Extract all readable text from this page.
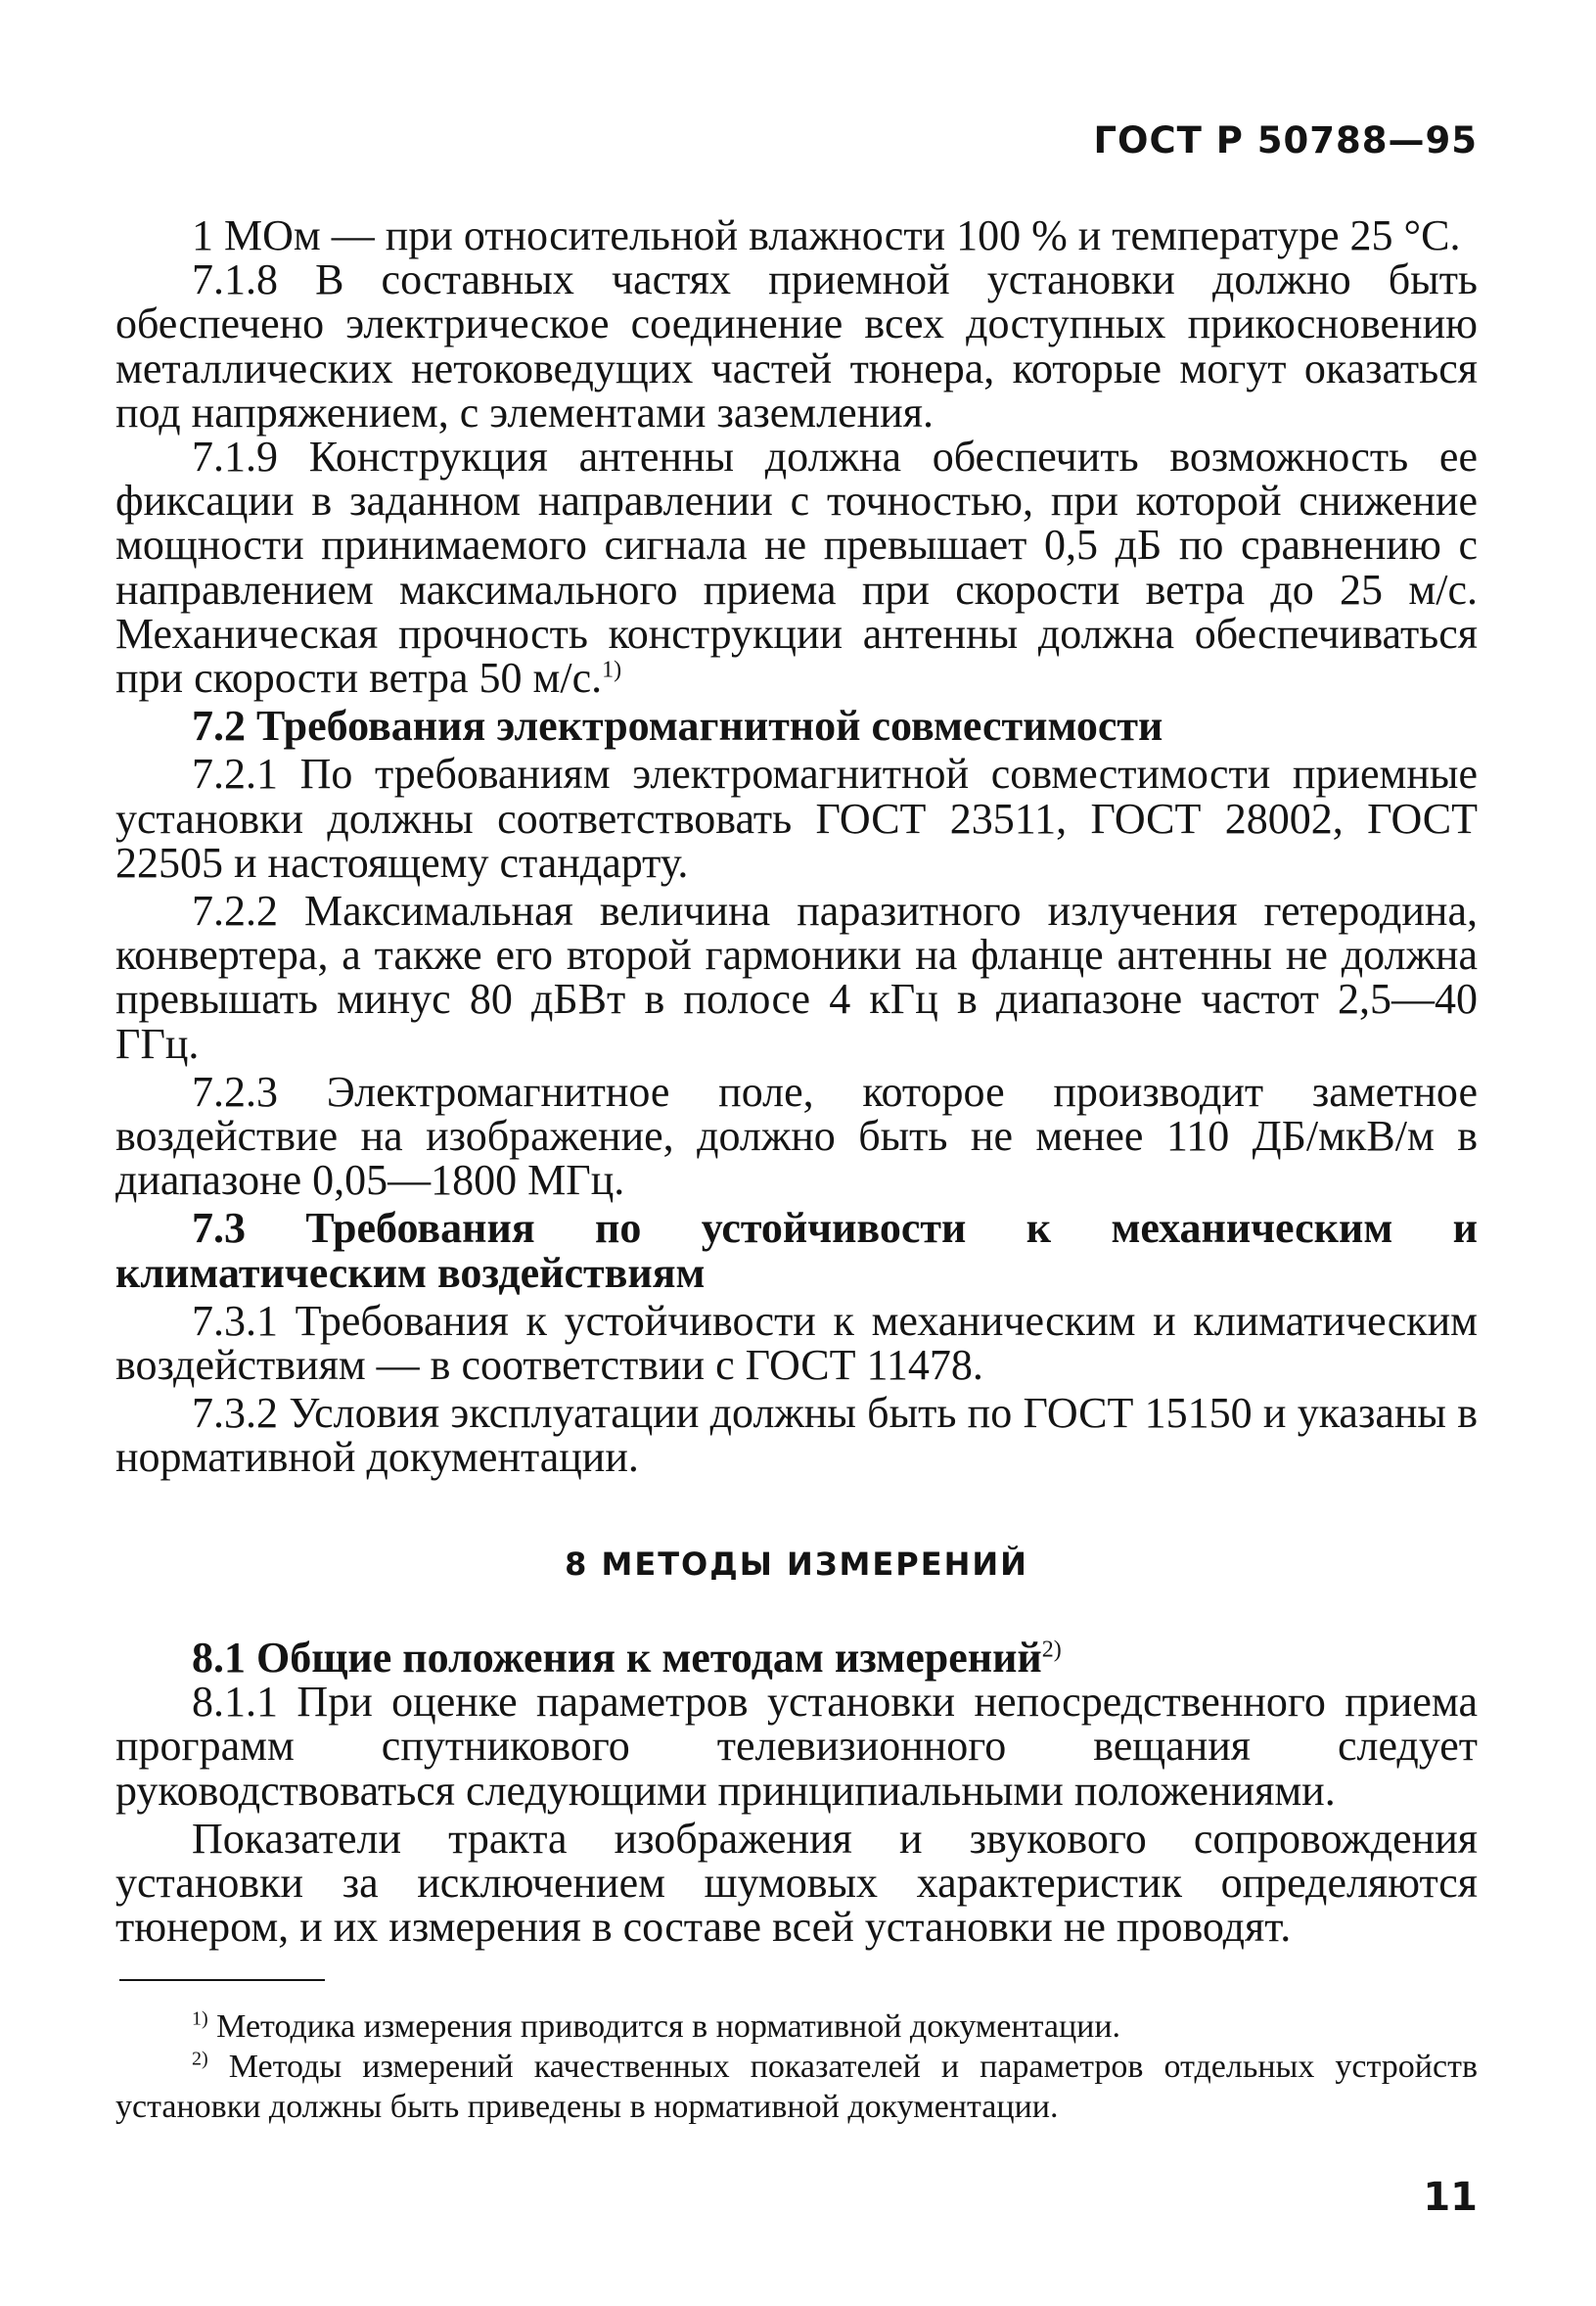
ГОСТ Р 50788—95

1 МОм — при относительной влажности 100 % и температуре 25 °С.

7.1.8 В составных частях приемной установки должно быть обеспечено электрическое соединение всех доступных прикосновению металлических нетоковедущих частей тюнера, которые могут оказаться под напряжением, с элементами заземления.

7.1.9 Конструкция антенны должна обеспечить возможность ее фиксации в заданном направлении с точностью, при которой снижение мощности принимаемого сигнала не превышает 0,5 дБ по сравнению с направлением максимального приема при скорости ветра до 25 м/с. Механическая прочность конструкции антенны должна обеспечиваться при скорости ветра 50 м/с.$^{1)}$

7.2 Требования электромагнитной совместимости

7.2.1 По требованиям электромагнитной совместимости приемные установки должны соответствовать ГОСТ 23511, ГОСТ 28002, ГОСТ 22505 и настоящему стандарту.

7.2.2 Максимальная величина паразитного излучения гетеродина, конвертера, а также его второй гармоники на фланце антенны не должна превышать минус 80 дБВт в полосе 4 кГц в диапазоне частот 2,5—40 ГГц.

7.2.3 Электромагнитное поле, которое производит заметное воздействие на изображение, должно быть не менее 110 ДБ/мкВ/м в диапазоне 0,05—1800 МГц.

7.3 Требования по устойчивости к механическим и климатическим воздействиям

7.3.1 Требования к устойчивости к механическим и климатическим воздействиям — в соответствии с ГОСТ 11478.

7.3.2 Условия эксплуатации должны быть по ГОСТ 15150 и указаны в нормативной документации.

8 МЕТОДЫ ИЗМЕРЕНИЙ

8.1 Общие положения к методам измерений$^{2)}$

8.1.1 При оценке параметров установки непосредственного приема программ спутникового телевизионного вещания следует руководствоваться следующими принципиальными положениями.

Показатели тракта изображения и звукового сопровождения установки за исключением шумовых характеристик определяются тюнером, и их измерения в составе всей установки не проводят.

$^{1)}$ Методика измерения приводится в нормативной документации.

$^{2)}$ Методы измерений качественных показателей и параметров отдельных устройств установки должны быть приведены в нормативной документации.

11
